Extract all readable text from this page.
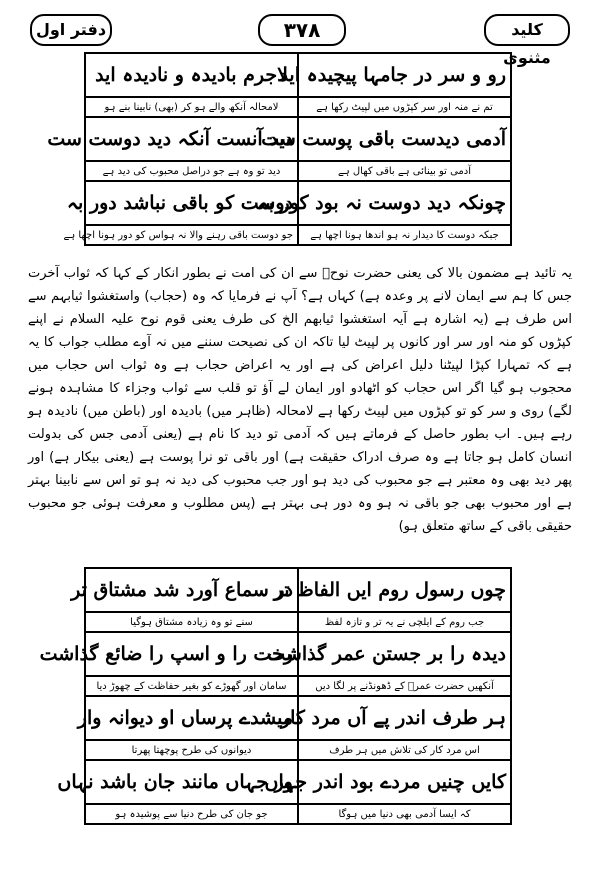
دفتر اول	۳۷۸	کلید مثنوی
رو و سر در جامہا پیچیدہ اید	لاجرم بادیدہ و نادیدہ اید
تم نے منہ اور سر کپڑوں میں لپیٹ رکھا ہے	لامحالہ آنکھ والے ہو کر (بھی) نابینا بنے ہو
آدمی دیدست باقی پوست ست	دید آنست آنکہ دید دوست ست
آدمی تو بینائی ہے باقی کھال ہے	دید تو وہ ہے جو دراصل محبوب کی دید ہے
چونکہ دید دوست نہ بود کور بہ	دوست کو باقی نباشد دور بہ
جبکہ دوست کا دیدار نہ ہو اندھا ہونا اچھا ہے	جو دوست باقی رہنے والا نہ ہواس کو دور ہونا اچھا ہے

یہ تائید ہے مضمون بالا کی یعنی حضرت نوحؑ سے ان کی امت نے بطور انکار کے کہا کہ ثواب آخرت جس کا ہم سے ایمان لانے پر وعدہ ہے) کہاں ہے؟ آپ نے فرمایا کہ وہ (حجاب) واستغشوا ثیابہم سے اس طرف ہے (یہ اشارہ ہے آیہ استغشوا ثیابھم الخ کی طرف یعنی قوم نوح علیہ السلام نے اپنے کپڑوں کو منہ اور سر اور کانوں پر لپیٹ لیا تاکہ ان کی نصیحت سننے میں نہ آوے مطلب جواب کا یہ ہے کہ تمہارا کپڑا لپیٹنا دلیل اعراض کی ہے اور یہ اعراض حجاب ہے وہ ثواب اس حجاب میں محجوب ہو گیا اگر اس حجاب کو اٹھادو اور ایمان لے آؤ تو قلب سے ثواب وجزاء کا مشاہدہ ہونے لگے) روی و سر کو تو کپڑوں میں لپیٹ رکھا ہے لامحالہ (ظاہر میں) بادیدہ اور (باطن میں) نادیدہ ہو رہے ہیں۔ اب بطور حاصل کے فرماتے ہیں کہ آدمی تو دید کا نام ہے (یعنی آدمی جس کی بدولت انسان کامل ہو جاتا ہے وہ صرف ادراک حقیقت ہے) اور باقی تو نرا پوست ہے (یعنی بیکار ہے) اور پھر دید بھی وہ معتبر ہے جو محبوب کی دید ہو اور جب محبوب کی دید نہ ہو تو اس سے نابینا بہتر ہے اور محبوب بھی جو باقی نہ ہو وہ دور ہی بہتر ہے (پس مطلوب و معرفت ہوئی جو محبوب حقیقی باقی کے ساتھ متعلق ہو)

چوں رسول روم ایں الفاظ تر	در سماع آورد شد مشتاق تر
جب روم کے ایلچی نے یہ تر و تازہ لفظ	سنے تو وہ زیادہ مشتاق ہوگیا
دیدہ را بر جستن عمر گذاشت	رخت را و اسپ را ضائع گذاشت
آنکھیں حضرت عمرؓ کے ڈھونڈنے پر لگا دیں	سامان اور گھوڑے کو بغیر حفاظت کے چھوڑ دیا
ہر طرف اندر پے آں مرد کار	میشدے پرساں او دیوانہ وار
اس مرد کار کی تلاش میں ہر طرف	دیوانوں کی طرح پوچھتا پھرتا
کایں چنیں مردے بود اندر جہاں	وز جہاں مانند جان باشد نہاں
کہ ایسا آدمی بھی دنیا میں ہوگا	جو جان کی طرح دنیا سے پوشیدہ ہو
